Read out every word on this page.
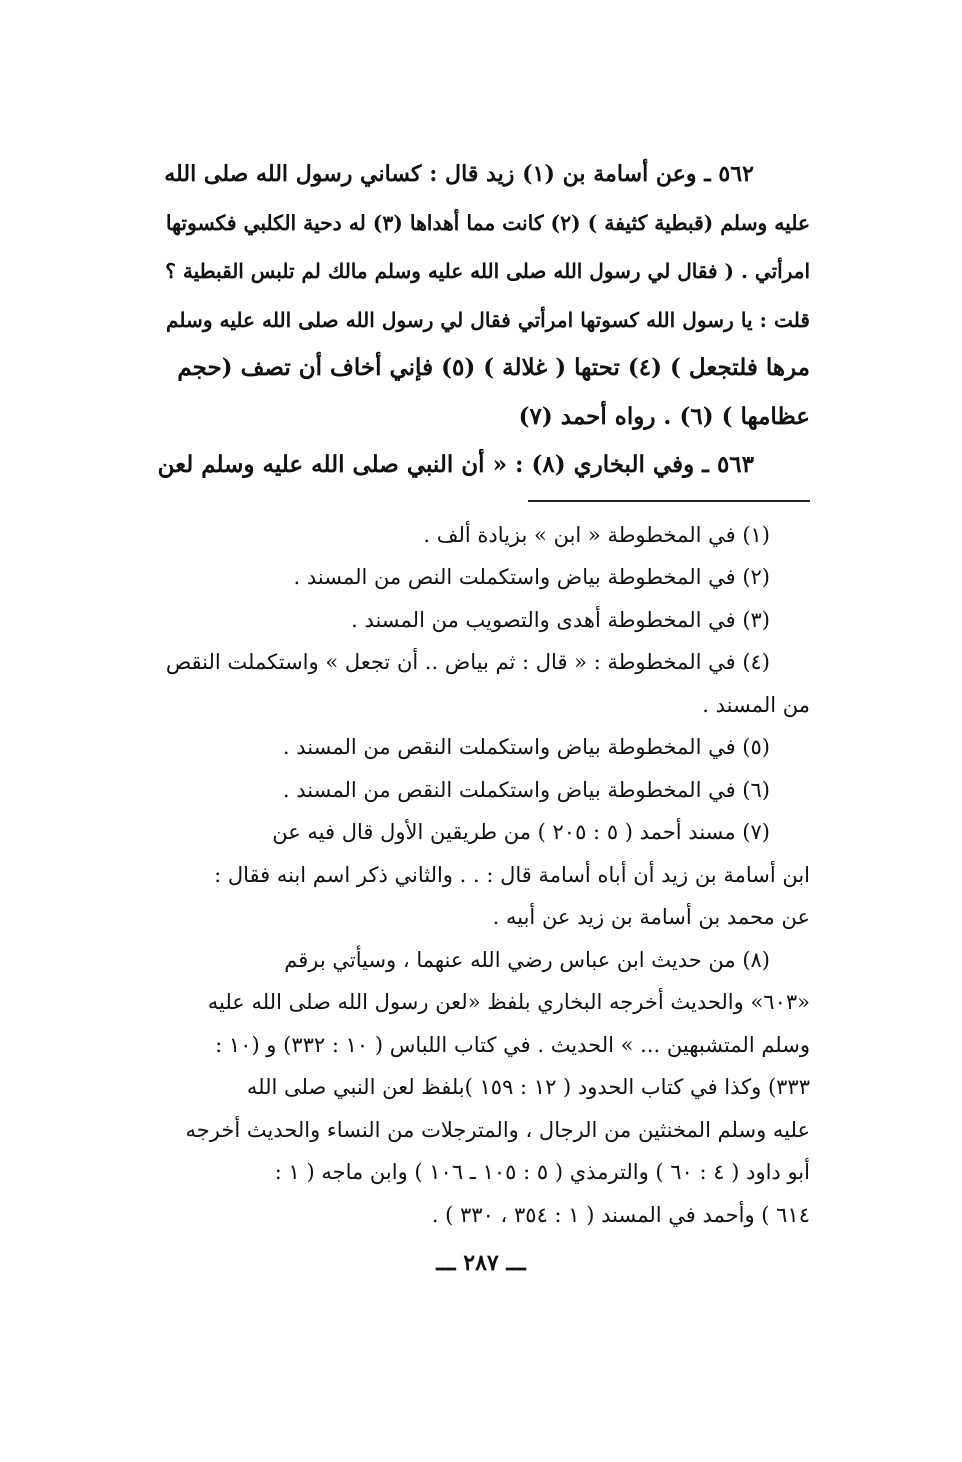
٥٦٢ ـ وعن أسامة بن (١) زيد قال : كساني رسول الله صلى الله
عليه وسلم (قبطية كثيفة ) (٢) كانت مما أهداها (٣) له دحية الكلبي فكسوتها
امرأتي . ( فقال لي رسول الله صلى الله عليه وسلم مالك لم تلبس القبطية ؟
قلت : يا رسول الله كسوتها امرأتي فقال لي رسول الله صلى الله عليه وسلم
مرها فلتجعل ) (٤) تحتها ( غلالة ) (٥) فإني أخاف أن تصف (حجم
عظامها ) (٦) . رواه أحمد (٧)

٥٦٣ ـ وفي البخاري (٨) : « أن النبي صلى الله عليه وسلم لعن

(١) في المخطوطة « ابن » بزيادة ألف .
(٢) في المخطوطة بياض واستكملت النص من المسند .
(٣) في المخطوطة أهدى والتصويب من المسند .
(٤) في المخطوطة : « قال : ثم بياض .. أن تجعل » واستكملت النقص
من المسند .
(٥) في المخطوطة بياض واستكملت النقص من المسند .
(٦) في المخطوطة بياض واستكملت النقص من المسند .
(٧) مسند أحمد ( ٥ : ٢٠٥ ) من طريقين الأول قال فيه عن
ابن أسامة بن زيد أن أباه أسامة قال : . . والثاني ذكر اسم ابنه فقال :
عن محمد بن أسامة بن زيد عن أبيه .
(٨) من حديث ابن عباس رضي الله عنهما ، وسيأتي برقم
«٦٠٣» والحديث أخرجه البخاري بلفظ «لعن رسول الله صلى الله عليه
وسلم المتشبهين ... » الحديث . في كتاب اللباس ( ١٠ : ٣٣٢) و (١٠ :
٣٣٣) وكذا في كتاب الحدود ( ١٢ : ١٥٩ )بلفظ لعن النبي صلى الله
عليه وسلم المخنثين من الرجال ، والمترجلات من النساء والحديث أخرجه
أبو داود ( ٤ : ٦٠ ) والترمذي ( ٥ : ١٠٥ ـ ١٠٦ ) وابن ماجه ( ١ :
٦١٤ ) وأحمد في المسند ( ١ : ٣٥٤ ، ٣٣٠ ) .
ـــ ٢٨٧ ـــ
